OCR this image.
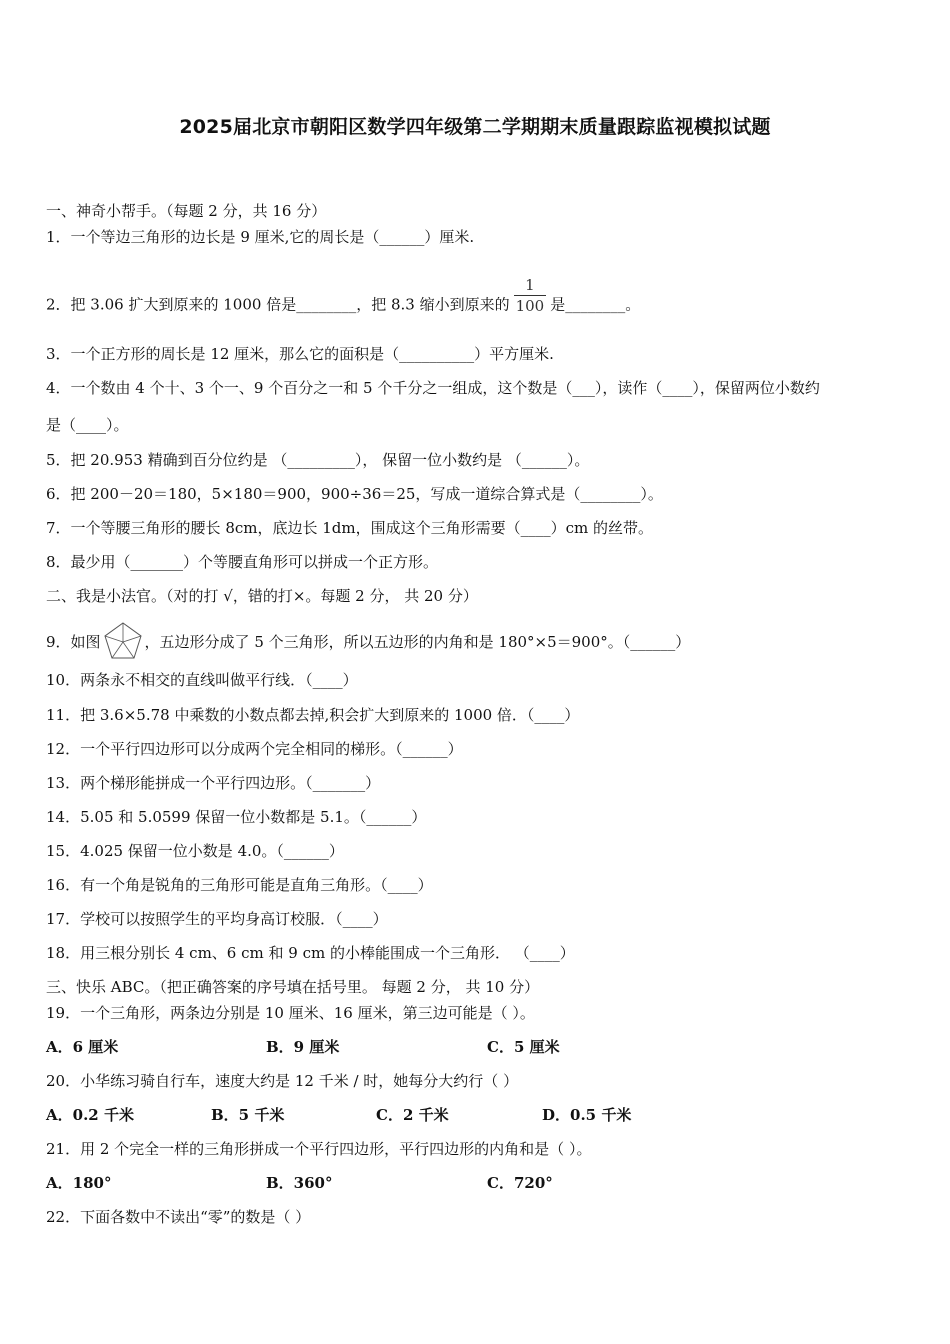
2025届北京市朝阳区数学四年级第二学期期末质量跟踪监视模拟试题
一、神奇小帮手。（每题 2 分，共 16 分）
1．一个等边三角形的边长是 9 厘米,它的周长是（______）厘米.
2．把 3.06 扩大到原来的 1000 倍是________，把 8.3 缩小到原来的 $\frac{1}{100}$ 是________。
3．一个正方形的周长是 12 厘米，那么它的面积是（__________）平方厘米.
4．一个数由 4 个十、3 个一、9 个百分之一和 5 个千分之一组成，这个数是（___），读作（____），保留两位小数约
是（____）。
5．把 20.953 精确到百分位约是 （_________）， 保留一位小数约是 （______）。
6．把 200－20＝180，5×180＝900，900÷36＝25，写成一道综合算式是（________）。
7．一个等腰三角形的腰长 8cm，底边长 1dm，围成这个三角形需要（____）cm 的丝带。
8．最少用（_______）个等腰直角形可以拼成一个正方形。
二、我是小法官。（对的打 √，错的打×。每题 2 分， 共 20 分）
9．如图	，五边形分成了 5 个三角形，所以五边形的内角和是 180°×5＝900°。（______）
10．两条永不相交的直线叫做平行线．（____）
11．把 3.6×5.78 中乘数的小数点都去掉,积会扩大到原来的 1000 倍．（____）
12．一个平行四边形可以分成两个完全相同的梯形。（______）
13．两个梯形能拼成一个平行四边形。（_______）
14．5.05 和 5.0599 保留一位小数都是 5.1。（______）
15．4.025 保留一位小数是 4.0。（______）
16．有一个角是锐角的三角形可能是直角三角形。（____）
17．学校可以按照学生的平均身高订校服．（____）
18．用三根分别长 4 cm、6 cm 和 9 cm 的小棒能围成一个三角形． （____）
三、快乐 ABC。（把正确答案的序号填在括号里。 每题 2 分， 共 10 分）
19．一个三角形，两条边分别是 10 厘米、16 厘米，第三边可能是（ ）。
A．6 厘米	B．9 厘米	C．5 厘米
20．小华练习骑自行车，速度大约是 12 千米 / 时，她每分大约行（ ）
A．0.2 千米	B．5 千米	C．2 千米	D．0.5 千米
21．用 2 个完全一样的三角形拼成一个平行四边形，平行四边形的内角和是（ ）。
A．180°	B．360°	C．720°
22．下面各数中不读出“零”的数是（ ）
